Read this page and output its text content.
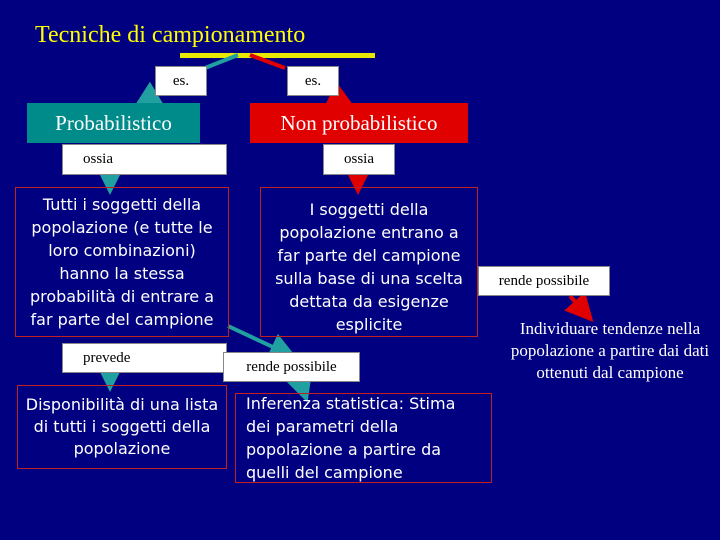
Tecniche di campionamento
es.
Probabilistico
ossia
Tutti i soggetti della popolazione (e tutte le loro combinazioni) hanno la stessa probabilità di entrare a far parte del campione
prevede
Disponibilità di una lista di tutti i soggetti della popolazione
es.
Non probabilistico
ossia
I soggetti della popolazione entrano a far parte del campione sulla base di una scelta dettata da esigenze esplicite
rende possibile
Individuare tendenze nella popolazione a partire dai dati ottenuti dal campione
rende possibile
Inferenza statistica: Stima dei parametri della popolazione a partire da quelli del campione
